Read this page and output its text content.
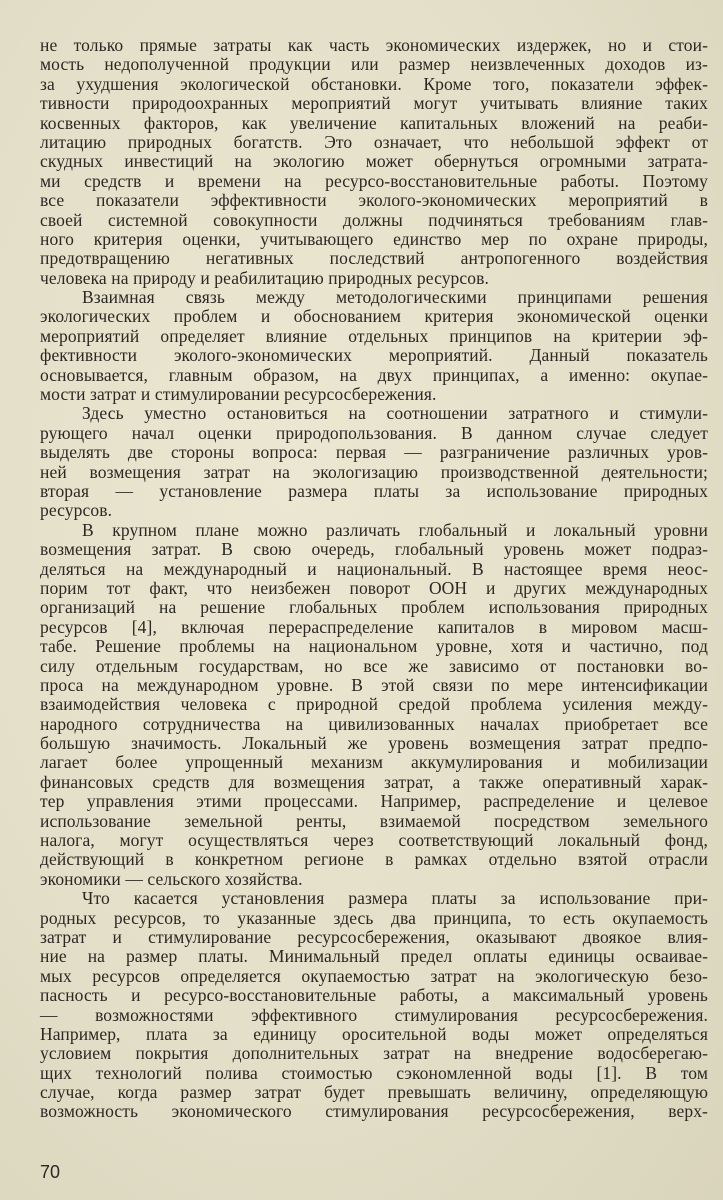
не только прямые затраты как часть экономических издержек, но и стои-
мость недополученной продукции или размер неизвлеченных доходов из-
за ухудшения экологической обстановки. Кроме того, показатели эффек-
тивности природоохранных мероприятий могут учитывать влияние таких
косвенных факторов, как увеличение капитальных вложений на реаби-
литацию природных богатств. Это означает, что небольшой эффект от
скудных инвестиций на экологию может обернуться огромными затрата-
ми средств и времени на ресурсо-восстановительные работы. Поэтому
все показатели эффективности эколого-экономических мероприятий в
своей системной совокупности должны подчиняться требованиям глав-
ного критерия оценки, учитывающего единство мер по охране природы,
предотвращению негативных последствий антропогенного воздействия
человека на природу и реабилитацию природных ресурсов.
Взаимная связь между методологическими принципами решения
экологических проблем и обоснованием критерия экономической оценки
мероприятий определяет влияние отдельных принципов на критерии эф-
фективности эколого-экономических мероприятий. Данный показатель
основывается, главным образом, на двух принципах, а именно: окупае-
мости затрат и стимулировании ресурсосбережения.
Здесь уместно остановиться на соотношении затратного и стимули-
рующего начал оценки природопользования. В данном случае следует
выделять две стороны вопроса: первая — разграничение различных уров-
ней возмещения затрат на экологизацию производственной деятельности;
вторая — установление размера платы за использование природных
ресурсов.
В крупном плане можно различать глобальный и локальный уровни
возмещения затрат. В свою очередь, глобальный уровень может подраз-
деляться на международный и национальный. В настоящее время неос-
порим тот факт, что неизбежен поворот ООН и других международных
организаций на решение глобальных проблем использования природных
ресурсов [4], включая перераспределение капиталов в мировом масш-
табе. Решение проблемы на национальном уровне, хотя и частично, под
силу отдельным государствам, но все же зависимо от постановки во-
проса на международном уровне. В этой связи по мере интенсификации
взаимодействия человека с природной средой проблема усиления между-
народного сотрудничества на цивилизованных началах приобретает все
большую значимость. Локальный же уровень возмещения затрат предпо-
лагает более упрощенный механизм аккумулирования и мобилизации
финансовых средств для возмещения затрат, а также оперативный харак-
тер управления этими процессами. Например, распределение и целевое
использование земельной ренты, взимаемой посредством земельного
налога, могут осуществляться через соответствующий локальный фонд,
действующий в конкретном регионе в рамках отдельно взятой отрасли
экономики — сельского хозяйства.
Что касается установления размера платы за использование при-
родных ресурсов, то указанные здесь два принципа, то есть окупаемость
затрат и стимулирование ресурсосбережения, оказывают двоякое влия-
ние на размер платы. Минимальный предел оплаты единицы осваивае-
мых ресурсов определяется окупаемостью затрат на экологическую безо-
пасность и ресурсо-восстановительные работы, а максимальный уровень
— возможностями эффективного стимулирования ресурсосбережения.
Например, плата за единицу оросительной воды может определяться
условием покрытия дополнительных затрат на внедрение водосберегаю-
щих технологий полива стоимостью сэкономленной воды [1]. В том
случае, когда размер затрат будет превышать величину, определяющую
возможность экономического стимулирования ресурсосбережения, верх-
70
